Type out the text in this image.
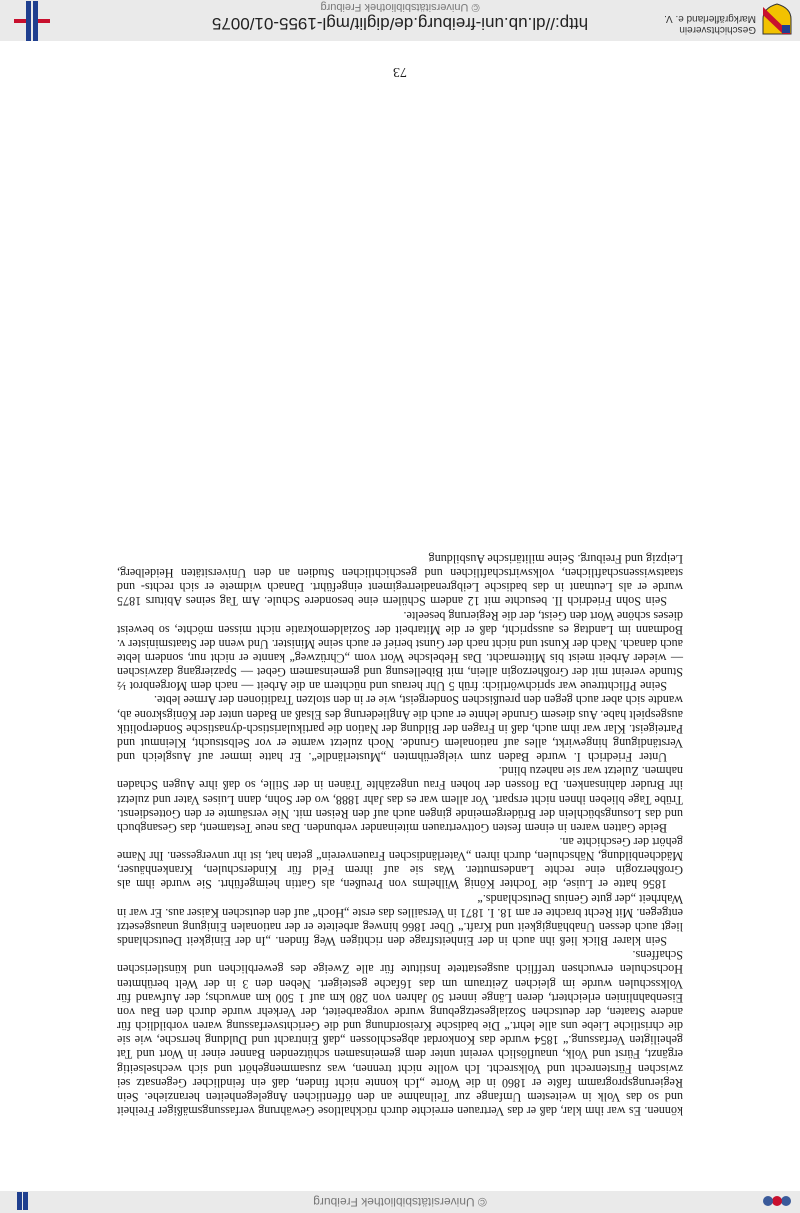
© Universitätsbibliothek Freiburg

können. Es war ihm klar, daß er das Vertrauen erreichte durch rückhaltlose Gewährung verfassungsmäßiger Freiheit und so das Volk in weitestem Umfange zur Teilnahme an den öffentlichen Angelegenheiten heranziehe. Sein Regierungsprogramm faßte er 1860 in die Worte „Ich konnte nicht finden, daß ein feindlicher Gegensatz sei zwischen Fürstenrecht und Volksrecht. Ich wollte nicht trennen, was zusammengehört und sich wechselseitig ergänzt, Fürst und Volk, unauflöslich vereint unter dem gemeinsamen schützenden Banner einer in Wort und Tat geheiligten Verfassung.“ 1854 wurde das Konkordat abgeschlossen „daß Eintracht und Duldung herrsche, wie sie die christliche Liebe uns alle lehrt.“ Die badische Kreisordnung und die Gerichtsverfassung waren vorbildlich für andere Staaten, der deutschen Sozialgesetzgebung wurde vorgearbeitet, der Verkehr wurde durch den Bau von Eisenbahnlinien erleichtert, deren Länge innert 50 Jahren von 280 km auf 1 500 km anwuchs; der Aufwand für Volksschulen wurde im gleichen Zeitraum um das 16fache gesteigert. Neben den 3 in der Welt berühmten Hochschulen erwuchsen trefflich ausgestattete Institute für alle Zweige des gewerblichen und künstlerischen Schaffens.

Sein klarer Blick ließ ihn auch in der Einheitsfrage den richtigen Weg finden. „In der Einigkeit Deutschlands liegt auch dessen Unabhängigkeit und Kraft.“ Über 1866 hinweg arbeitete er der nationalen Einigung unausgesetzt entgegen. Mit Recht brachte er am 18. I. 1871 in Versailles das erste „Hoch“ auf den deutschen Kaiser aus. Er war in Wahrheit „der gute Genius Deutschlands.“

1856 hatte er Luise, die Tochter König Wilhelms von Preußen, als Gattin heimgeführt. Sie wurde ihm als Großherzogin eine rechte Landesmutter. Was sie auf ihrem Feld für Kinderschulen, Krankenhäuser, Mädchenbildung, Nähschulen, durch ihren „Vaterländischen Frauenverein“ getan hat, ist ihr unvergessen. Ihr Name gehört der Geschichte an.

Beide Gatten waren in einem festen Gottvertrauen miteinander verbunden. Das neue Testament, das Gesangbuch und das Losungsbüchlein der Brüdergemeinde gingen auch auf den Reisen mit. Nie versäumte er den Gottesdienst. Trübe Tage blieben ihnen nicht erspart. Vor allem war es das Jahr 1888, wo der Sohn, dann Luises Vater und zuletzt ihr Bruder dahinsanken. Da flossen der hohen Frau ungezählte Tränen in der Stille, so daß ihre Augen Schaden nahmen. Zuletzt war sie nahezu blind.

Unter Friedrich I. wurde Baden zum vielgerühmten „Musterländle“. Er hatte immer auf Ausgleich und Verständigung hingewirkt, alles auf nationalem Grunde. Noch zuletzt warnte er vor Selbstsucht, Kleinmut und Parteigeist. Klar war ihm auch, daß in Fragen der Bildung der Nation die partikularistisch-dynastische Sonderpolitik ausgespielt habe. Aus diesem Grunde lehnte er auch die Angliederung des Elsaß an Baden unter der Königskrone ab, wandte sich aber auch gegen den preußischen Sondergeist, wie er in den stolzen Traditionen der Armee lebte.

Seine Pflichttreue war sprichwörtlich: früh 5 Uhr heraus und nüchtern an die Arbeit — nach dem Morgenbrot ½ Stunde vereint mit der Großherzogin allein, mit Bibellesung und gemeinsamem Gebet — Spaziergang dazwischen — wieder Arbeit meist bis Mitternacht. Das Hebelsche Wort vom „Chrüzweg“ kannte er nicht nur, sondern lebte auch danach. Nach der Kunst und nicht nach der Gunst berief er auch seine Minister. Und wenn der Staatsminister v. Bodmann im Landtag es ausspricht, daß er die Mitarbeit der Sozialdemokratie nicht missen möchte, so beweist dieses schöne Wort den Geist, der die Regierung beseelte.

Sein Sohn Friedrich II. besuchte mit 12 andern Schülern eine besondere Schule. Am Tag seines Abiturs 1875 wurde er als Leutnant in das badische Leibgrenadierregiment eingeführt. Danach widmete er sich rechts- und staatswissenschaftlichen, volkswirtschaftlichen und geschichtlichen Studien an den Universitäten Heidelberg, Leipzig und Freiburg. Seine militärische Ausbildung

73
Geschichtsverein
Markgräflerland e. V.
http://dl.ub.uni-freiburg.de/diglit/mgl-1955-01/0075
© Universitätsbibliothek Freiburg
